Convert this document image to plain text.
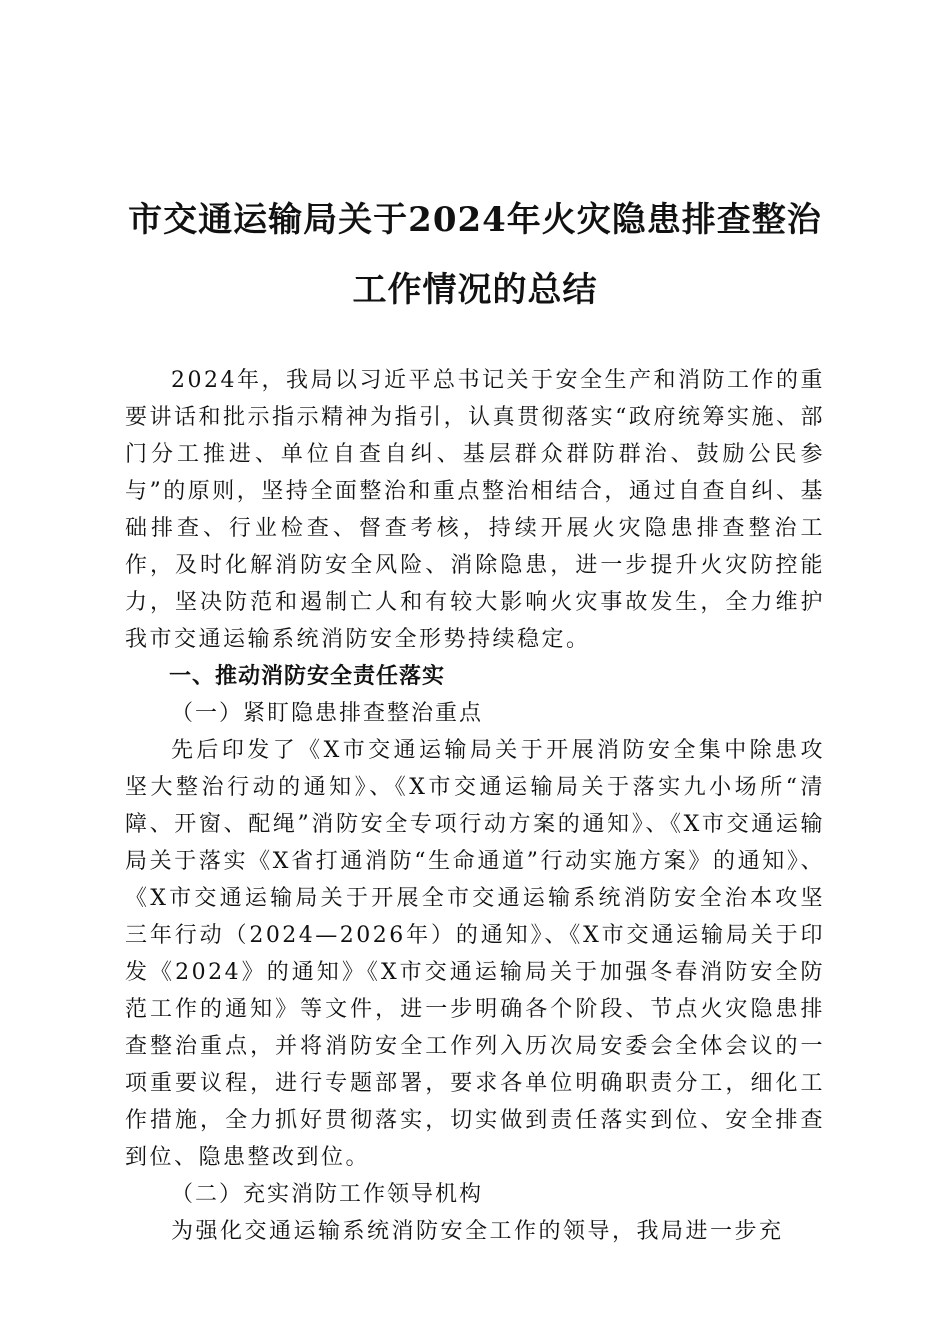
市交通运输局关于2024年火灾隐患排查整治
工作情况的总结

2024年，我局以习近平总书记关于安全生产和消防工作的重要讲话和批示指示精神为指引，认真贯彻落实“政府统筹实施、部门分工推进、单位自查自纠、基层群众群防群治、鼓励公民参与”的原则，坚持全面整治和重点整治相结合，通过自查自纠、基础排查、行业检查、督查考核，持续开展火灾隐患排查整治工作，及时化解消防安全风险、消除隐患，进一步提升火灾防控能力，坚决防范和遏制亡人和有较大影响火灾事故发生，全力维护我市交通运输系统消防安全形势持续稳定。

一、推动消防安全责任落实
（一）紧盯隐患排查整治重点

先后印发了《X市交通运输局关于开展消防安全集中除患攻坚大整治行动的通知》、《X市交通运输局关于落实九小场所“清障、开窗、配绳”消防安全专项行动方案的通知》、《X市交通运输局关于落实《X省打通消防“生命通道”行动实施方案》的通知》、《X市交通运输局关于开展全市交通运输系统消防安全治本攻坚三年行动（2024—2026年）的通知》、《X市交通运输局关于印发《2024》的通知》《X市交通运输局关于加强冬春消防安全防范工作的通知》等文件，进一步明确各个阶段、节点火灾隐患排查整治重点，并将消防安全工作列入历次局安委会全体会议的一项重要议程，进行专题部署，要求各单位明确职责分工，细化工作措施，全力抓好贯彻落实，切实做到责任落实到位、安全排查到位、隐患整改到位。

（二）充实消防工作领导机构

为强化交通运输系统消防安全工作的领导，我局进一步充
